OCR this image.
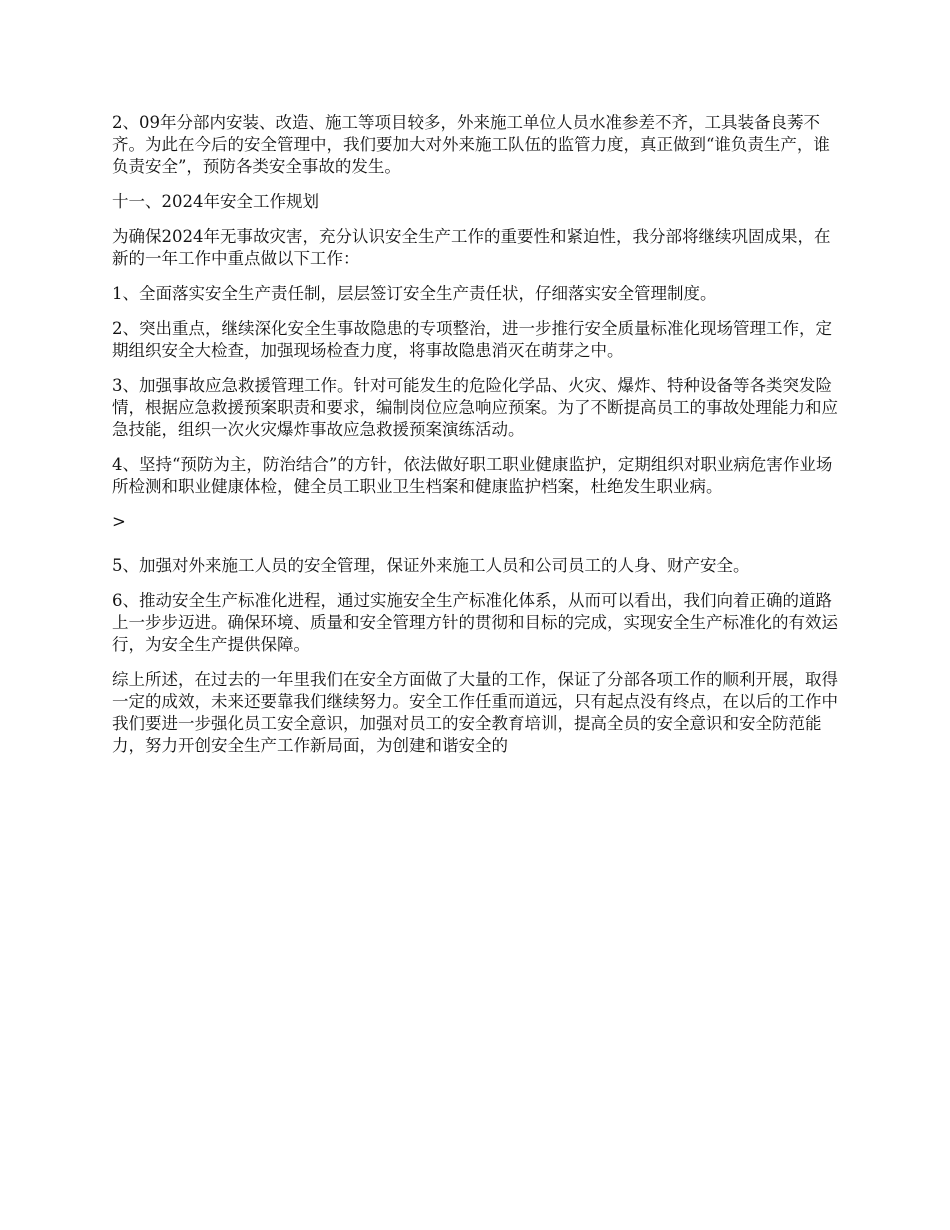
2、09年分部内安装、改造、施工等项目较多，外来施工单位人员水准参差不齐，工具装备良莠不齐。为此在今后的安全管理中，我们要加大对外来施工队伍的监管力度，真正做到“谁负责生产，谁负责安全”，预防各类安全事故的发生。

十一、2024年安全工作规划

为确保2024年无事故灾害，充分认识安全生产工作的重要性和紧迫性，我分部将继续巩固成果，在新的一年工作中重点做以下工作：

1、全面落实安全生产责任制，层层签订安全生产责任状，仔细落实安全管理制度。

2、突出重点，继续深化安全生事故隐患的专项整治，进一步推行安全质量标准化现场管理工作，定期组织安全大检查，加强现场检查力度，将事故隐患消灭在萌芽之中。

3、加强事故应急救援管理工作。针对可能发生的危险化学品、火灾、爆炸、特种设备等各类突发险情，根据应急救援预案职责和要求，编制岗位应急响应预案。为了不断提高员工的事故处理能力和应急技能，组织一次火灾爆炸事故应急救援预案演练活动。

4、坚持“预防为主，防治结合”的方针，依法做好职工职业健康监护，定期组织对职业病危害作业场所检测和职业健康体检，健全员工职业卫生档案和健康监护档案，杜绝发生职业病。

>

5、加强对外来施工人员的安全管理，保证外来施工人员和公司员工的人身、财产安全。

6、推动安全生产标准化进程，通过实施安全生产标准化体系，从而可以看出，我们向着正确的道路上一步步迈进。确保环境、质量和安全管理方针的贯彻和目标的完成，实现安全生产标准化的有效运行，为安全生产提供保障。

综上所述，在过去的一年里我们在安全方面做了大量的工作，保证了分部各项工作的顺利开展，取得一定的成效，未来还要靠我们继续努力。安全工作任重而道远，只有起点没有终点，在以后的工作中我们要进一步强化员工安全意识，加强对员工的安全教育培训，提高全员的安全意识和安全防范能力，努力开创安全生产工作新局面，为创建和谐安全的
